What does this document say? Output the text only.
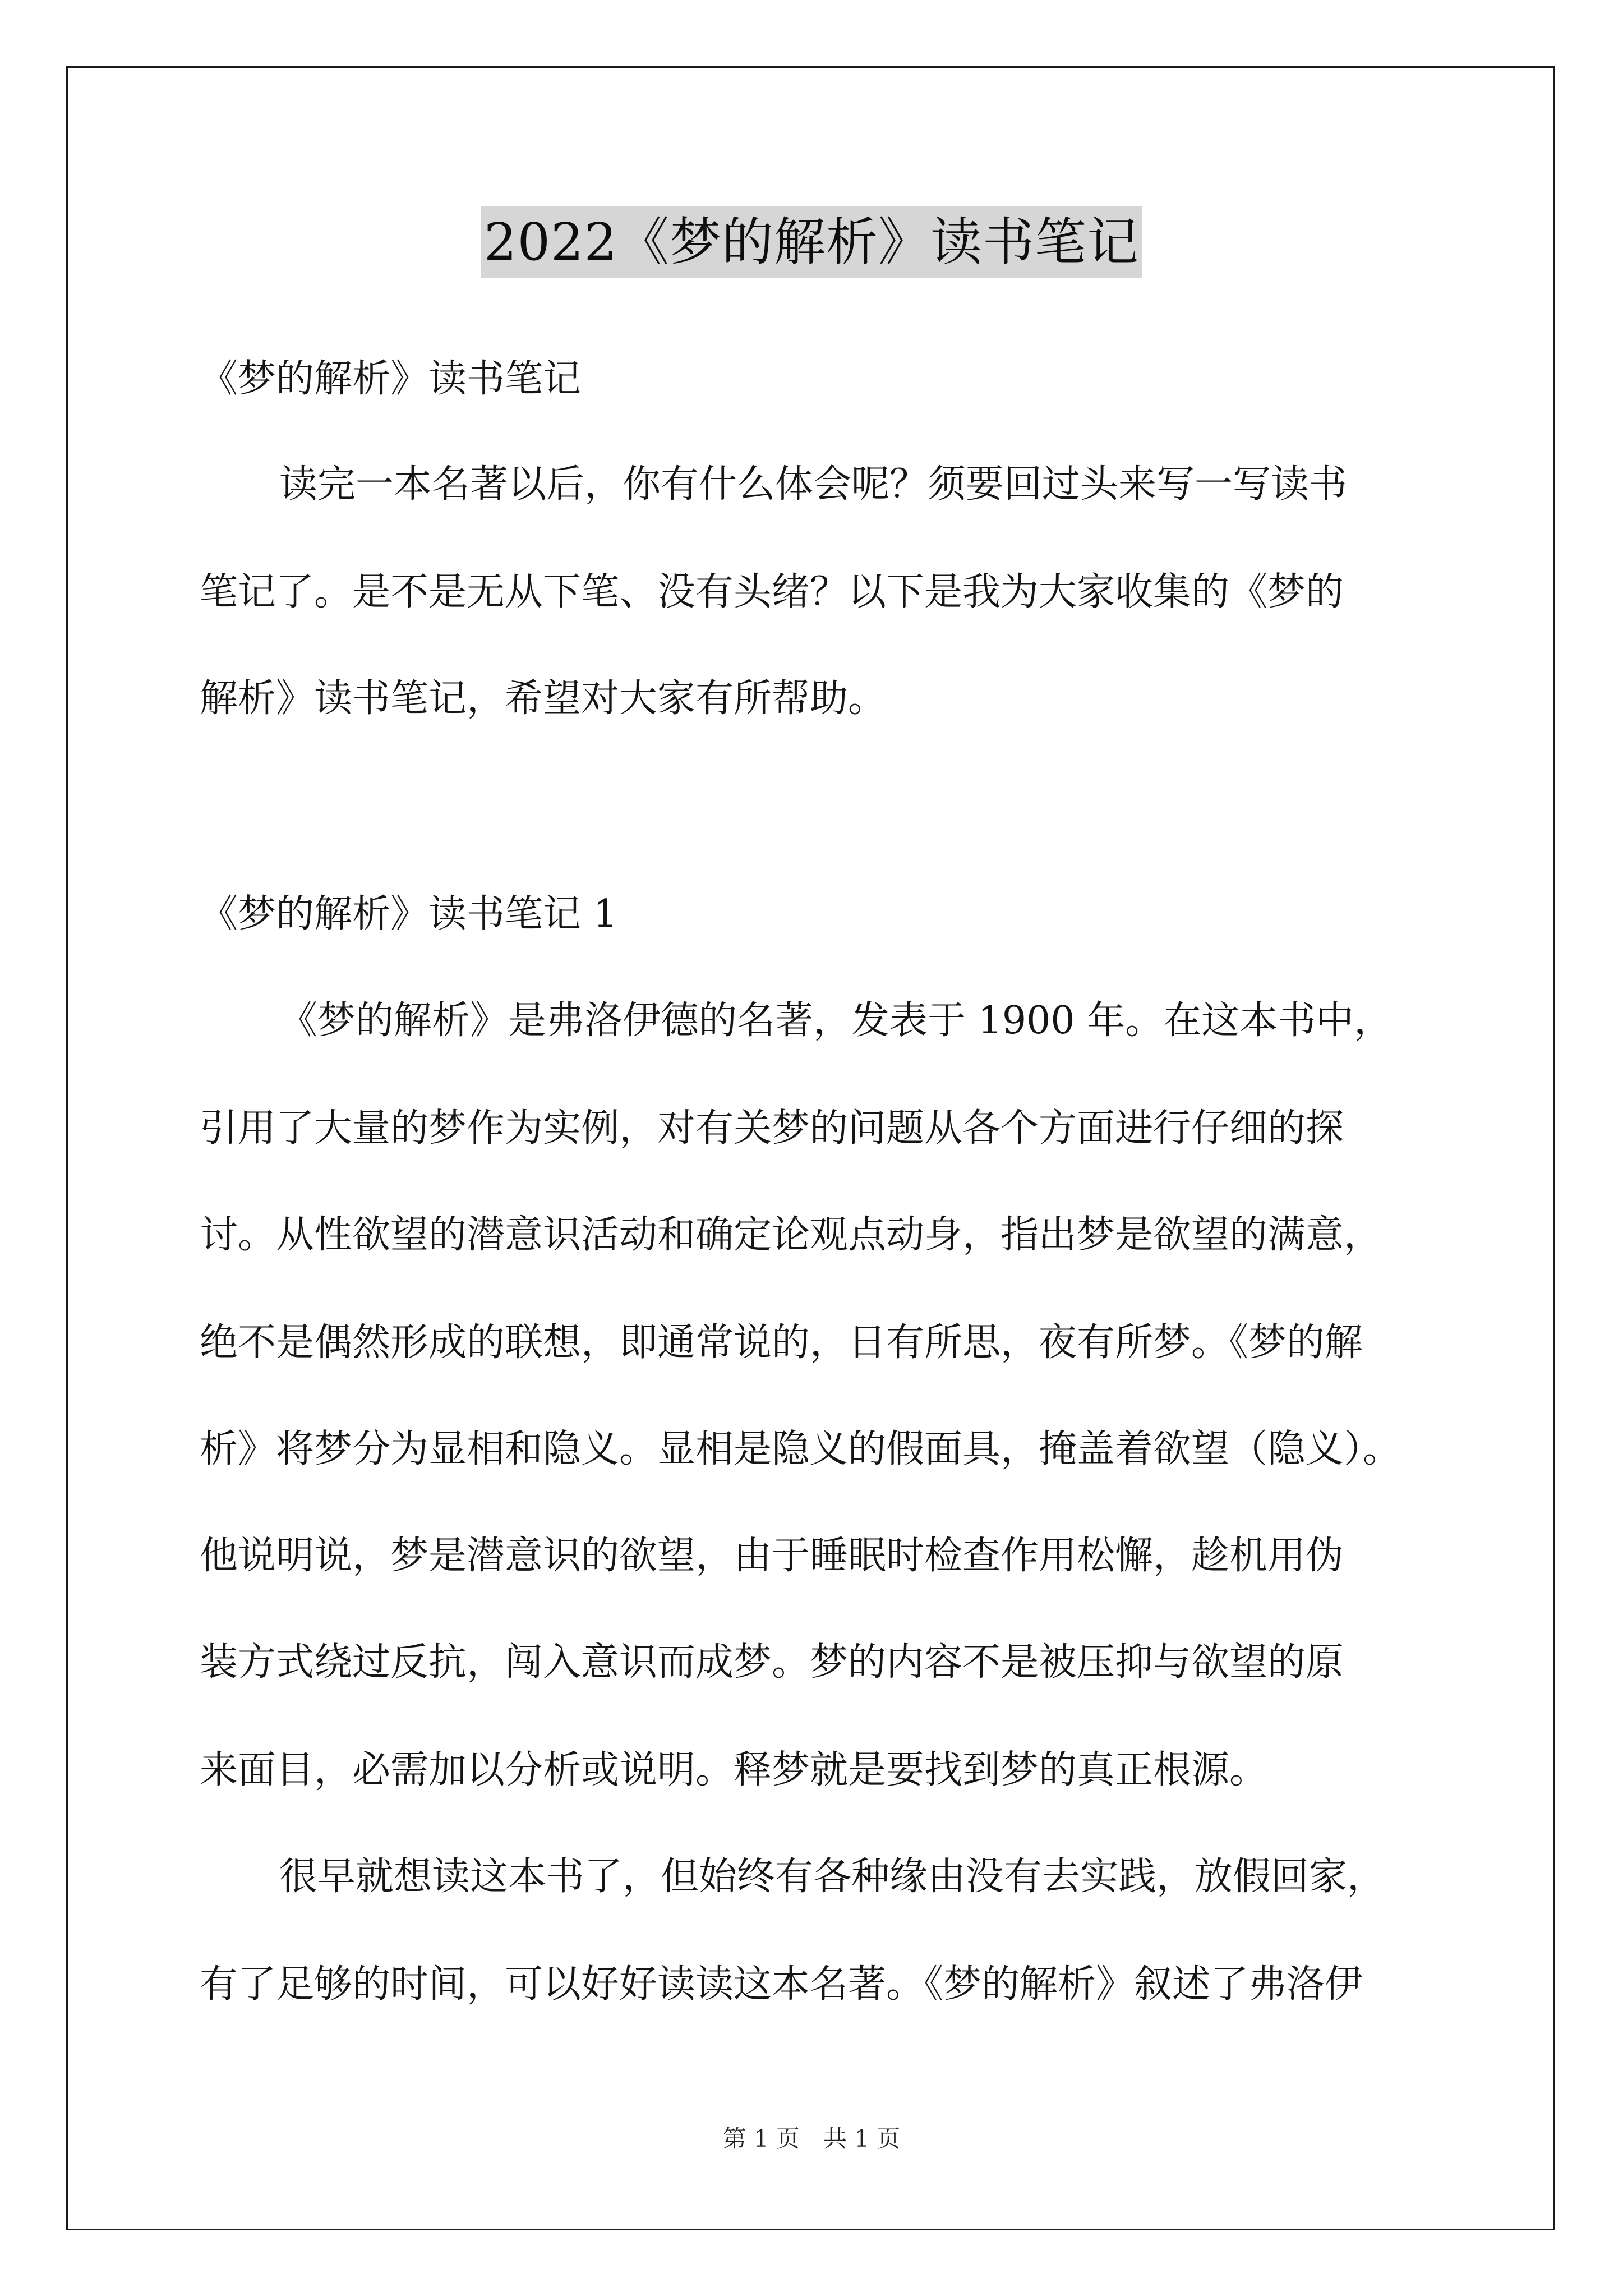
2022《梦的解析》读书笔记
《梦的解析》读书笔记
读完一本名著以后，你有什么体会呢？须要回过头来写一写读书
笔记了。是不是无从下笔、没有头绪？以下是我为大家收集的《梦的
解析》读书笔记，希望对大家有所帮助。
《梦的解析》读书笔记 1
《梦的解析》是弗洛伊德的名著，发表于 1900 年。在这本书中，
引用了大量的梦作为实例，对有关梦的问题从各个方面进行仔细的探
讨。从性欲望的潜意识活动和确定论观点动身，指出梦是欲望的满意，
绝不是偶然形成的联想，即通常说的，日有所思，夜有所梦。《梦的解
析》将梦分为显相和隐义。显相是隐义的假面具，掩盖着欲望（隐义）。
他说明说，梦是潜意识的欲望，由于睡眠时检查作用松懈，趁机用伪
装方式绕过反抗，闯入意识而成梦。梦的内容不是被压抑与欲望的原
来面目，必需加以分析或说明。释梦就是要找到梦的真正根源。
很早就想读这本书了，但始终有各种缘由没有去实践，放假回家，
有了足够的时间，可以好好读读这本名著。《梦的解析》叙述了弗洛伊
第 1 页　共 1 页
